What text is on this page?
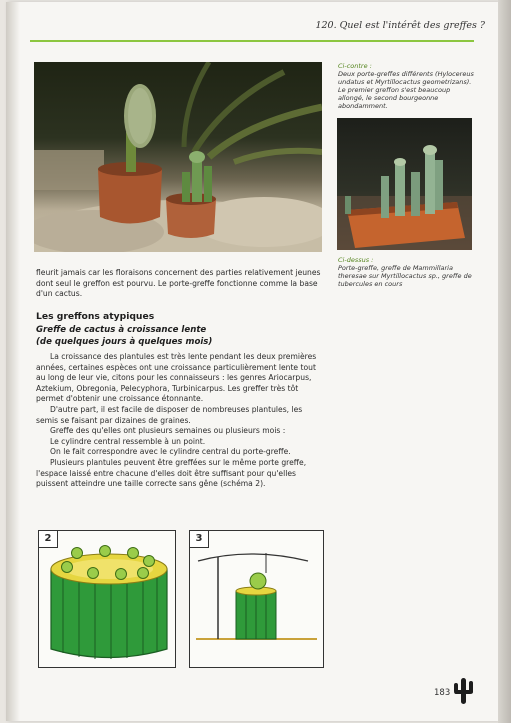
120. Quel est l'intérêt des greffes ?
Ci-contre :
Deux porte-greffes différents (Hylocereus undatus et Myrtillocactus geometrizans). Le premier greffon s'est beaucoup allongé, le second bourgeonne abondamment.
Ci-dessus :
Porte-greffe, greffe de Mammillaria theresae sur Myrtillocactus sp., greffe de tubercules en cours

fleurit jamais car les floraisons concernent des parties relativement jeunes dont seul le greffon est pourvu. Le porte-greffe fonctionne comme la base d'un cactus.

Les greffons atypiques
Greffe de cactus à croissance lente
(de quelques jours à quelques mois)

La croissance des plantules est très lente pendant les deux premières années, certaines espèces ont une croissance particulièrement lente tout au long de leur vie, citons pour les connaisseurs : les genres Ariocarpus, Aztekium, Obregonia, Pelecyphora, Turbinicarpus. Les greffer très tôt permet d'obtenir une croissance étonnante.

D'autre part, il est facile de disposer de nombreuses plantules, les semis se faisant par dizaines de graines.

Greffe des qu'elles ont plusieurs semaines ou plusieurs mois :

Le cylindre central ressemble à un point.

On le fait correspondre avec le cylindre central du porte-greffe.

Plusieurs plantules peuvent être greffées sur le même porte greffe, l'espace laissé entre chacune d'elles doit être suffisant pour qu'elles puissent atteindre une taille correcte sans gêne (schéma 2).

2	3
183
